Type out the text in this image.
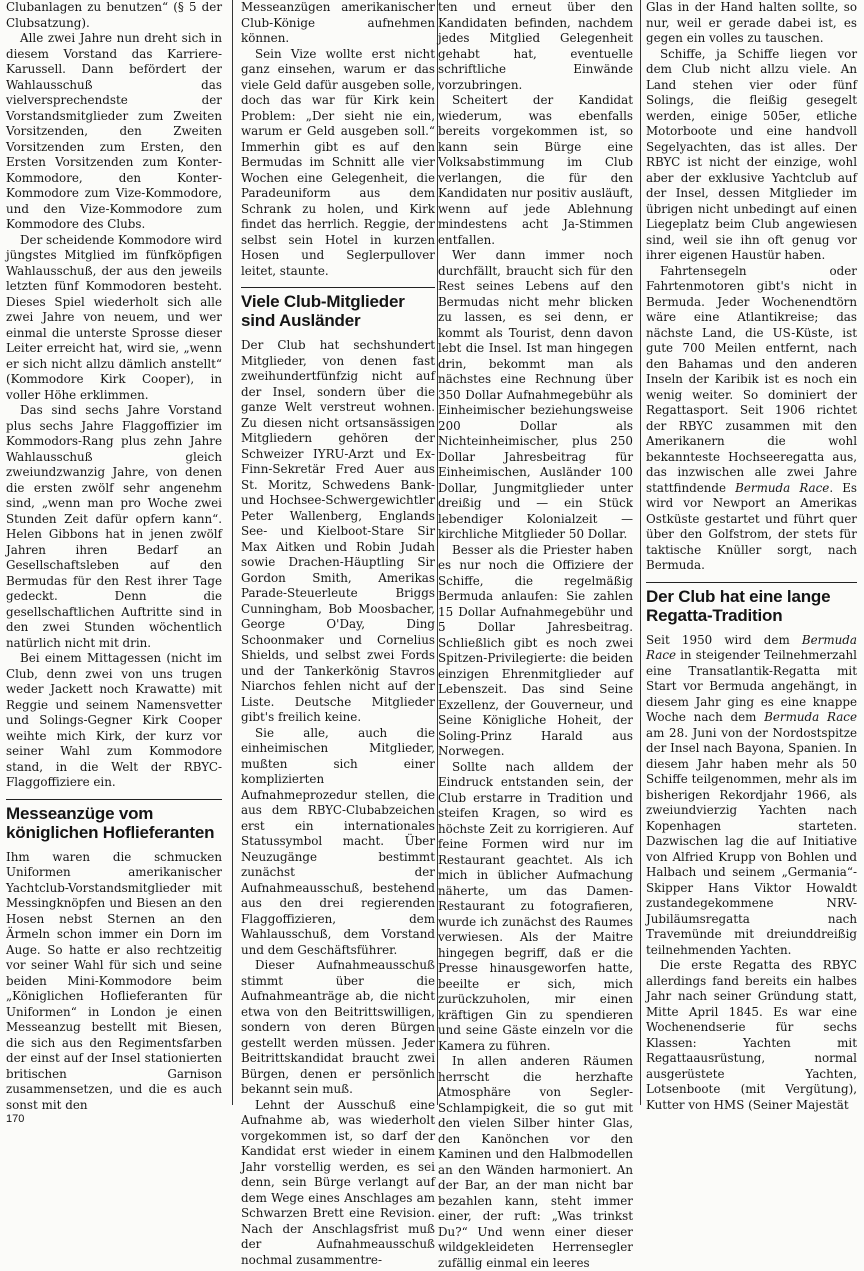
Clubanlagen zu benutzen“ (§ 5 der Clubsatzung).

Alle zwei Jahre nun dreht sich in diesem Vorstand das Karriere-Karussell. Dann befördert der Wahlausschuß das vielversprechendste der Vorstandsmitglieder zum Zweiten Vorsitzenden, den Zweiten Vorsitzenden zum Ersten, den Ersten Vorsitzenden zum Konter-Kommodore, den Konter-Kommodore zum Vize-Kommodore, und den Vize-Kommodore zum Kommodore des Clubs.

Der scheidende Kommodore wird jüngstes Mitglied im fünfköpfigen Wahlausschuß, der aus den jeweils letzten fünf Kommodoren besteht. Dieses Spiel wiederholt sich alle zwei Jahre von neuem, und wer einmal die unterste Sprosse dieser Leiter erreicht hat, wird sie, „wenn er sich nicht allzu dämlich anstellt“ (Kommodore Kirk Cooper), in voller Höhe erklimmen.

Das sind sechs Jahre Vorstand plus sechs Jahre Flaggoffizier im Kommodors-Rang plus zehn Jahre Wahlausschuß gleich zweiundzwanzig Jahre, von denen die ersten zwölf sehr angenehm sind, „wenn man pro Woche zwei Stunden Zeit dafür opfern kann“. Helen Gibbons hat in jenen zwölf Jahren ihren Bedarf an Gesellschaftsleben auf den Bermudas für den Rest ihrer Tage gedeckt. Denn die gesellschaftlichen Auftritte sind in den zwei Stunden wöchentlich natürlich nicht mit drin.

Bei einem Mittagessen (nicht im Club, denn zwei von uns trugen weder Jackett noch Krawatte) mit Reggie und seinem Namensvetter und Solings-Gegner Kirk Cooper weihte mich Kirk, der kurz vor seiner Wahl zum Kommodore stand, in die Welt der RBYC-Flaggoffiziere ein.

Messeanzüge vom königlichen Hoflieferanten

Ihm waren die schmucken Uniformen amerikanischer Yachtclub-Vorstandsmitglieder mit Messingknöpfen und Biesen an den Hosen nebst Sternen an den Ärmeln schon immer ein Dorn im Auge. So hatte er also rechtzeitig vor seiner Wahl für sich und seine beiden Mini-Kommodore beim „Königlichen Hoflieferanten für Uniformen“ in London je einen Messeanzug bestellt mit Biesen, die sich aus den Regimentsfarben der einst auf der Insel stationierten britischen Garnison zusammensetzen, und die es auch sonst mit den

Messeanzügen amerikanischer Club-Könige aufnehmen können.

Sein Vize wollte erst nicht ganz einsehen, warum er das viele Geld dafür ausgeben solle, doch das war für Kirk kein Problem: „Der sieht nie ein, warum er Geld ausgeben soll.“ Immerhin gibt es auf den Bermudas im Schnitt alle vier Wochen eine Gelegenheit, die Paradeuniform aus dem Schrank zu holen, und Kirk findet das herrlich. Reggie, der selbst sein Hotel in kurzen Hosen und Seglerpullover leitet, staunte.

Viele Club-Mitglieder sind Ausländer

Der Club hat sechshundert Mitglieder, von denen fast zweihundertfünfzig nicht auf der Insel, sondern über die ganze Welt verstreut wohnen. Zu diesen nicht ortsansässigen Mitgliedern gehören der Schweizer IYRU-Arzt und Ex-Finn-Sekretär Fred Auer aus St. Moritz, Schwedens Bank- und Hochsee-Schwergewichtler Peter Wallenberg, Englands See- und Kielboot-Stare Sir Max Aitken und Robin Judah sowie Drachen-Häuptling Sir Gordon Smith, Amerikas Parade-Steuerleute Briggs Cunningham, Bob Moosbacher, George O'Day, Ding Schoonmaker und Cornelius Shields, und selbst zwei Fords und der Tankerkönig Stavros Niarchos fehlen nicht auf der Liste. Deutsche Mitglieder gibt's freilich keine.

Sie alle, auch die einheimischen Mitglieder, mußten sich einer komplizierten Aufnahmeprozedur stellen, die aus dem RBYC-Clubabzeichen erst ein internationales Statussymbol macht. Über Neuzugänge bestimmt zunächst der Aufnahmeausschuß, bestehend aus den drei regierenden Flaggoffizieren, dem Wahlausschuß, dem Vorstand und dem Geschäftsführer.

Dieser Aufnahmeausschuß stimmt über die Aufnahmeanträge ab, die nicht etwa von den Beitrittswilligen, sondern von deren Bürgen gestellt werden müssen. Jeder Beitrittskandidat braucht zwei Bürgen, denen er persönlich bekannt sein muß.

Lehnt der Ausschuß eine Aufnahme ab, was wiederholt vorgekommen ist, so darf der Kandidat erst wieder in einem Jahr vorstellig werden, es sei denn, sein Bürge verlangt auf dem Wege eines Anschlages am Schwarzen Brett eine Revision. Nach der Anschlagsfrist muß der Aufnahmeausschuß nochmal zusammentre-

ten und erneut über den Kandidaten befinden, nachdem jedes Mitglied Gelegenheit gehabt hat, eventuelle schriftliche Einwände vorzubringen.

Scheitert der Kandidat wiederum, was ebenfalls bereits vorgekommen ist, so kann sein Bürge eine Volksabstimmung im Club verlangen, die für den Kandidaten nur positiv ausläuft, wenn auf jede Ablehnung mindestens acht Ja-Stimmen entfallen.

Wer dann immer noch durchfällt, braucht sich für den Rest seines Lebens auf den Bermudas nicht mehr blicken zu lassen, es sei denn, er kommt als Tourist, denn davon lebt die Insel. Ist man hingegen drin, bekommt man als nächstes eine Rechnung über 350 Dollar Aufnahmegebühr als Einheimischer beziehungsweise 200 Dollar als Nichteinheimischer, plus 250 Dollar Jahresbeitrag für Einheimischen, Ausländer 100 Dollar, Jungmitglieder unter dreißig und — ein Stück lebendiger Kolonialzeit — kirchliche Mitglieder 50 Dollar.

Besser als die Priester haben es nur noch die Offiziere der Schiffe, die regelmäßig Bermuda anlaufen: Sie zahlen 15 Dollar Aufnahmegebühr und 5 Dollar Jahresbeitrag. Schließlich gibt es noch zwei Spitzen-Privilegierte: die beiden einzigen Ehrenmitglieder auf Lebenszeit. Das sind Seine Exzellenz, der Gouverneur, und Seine Königliche Hoheit, der Soling-Prinz Harald aus Norwegen.

Sollte nach alldem der Eindruck entstanden sein, der Club erstarre in Tradition und steifen Kragen, so wird es höchste Zeit zu korrigieren. Auf feine Formen wird nur im Restaurant geachtet. Als ich mich in üblicher Aufmachung näherte, um das Damen-Restaurant zu fotografieren, wurde ich zunächst des Raumes verwiesen. Als der Maitre hingegen begriff, daß er die Presse hinausgeworfen hatte, beeilte er sich, mich zurückzuholen, mir einen kräftigen Gin zu spendieren und seine Gäste einzeln vor die Kamera zu führen.

In allen anderen Räumen herrscht die herzhafte Atmosphäre von Segler-Schlampigkeit, die so gut mit den vielen Silber hinter Glas, den Kanönchen vor den Kaminen und den Halbmodellen an den Wänden harmoniert. An der Bar, an der man nicht bar bezahlen kann, steht immer einer, der ruft: „Was trinkst Du?“ Und wenn einer dieser wildgekleideten Herrensegler zufällig einmal ein leeres

Glas in der Hand halten sollte, so nur, weil er gerade dabei ist, es gegen ein volles zu tauschen.

Schiffe, ja Schiffe liegen vor dem Club nicht allzu viele. An Land stehen vier oder fünf Solings, die fleißig gesegelt werden, einige 505er, etliche Motorboote und eine handvoll Segelyachten, das ist alles. Der RBYC ist nicht der einzige, wohl aber der exklusive Yachtclub auf der Insel, dessen Mitglieder im übrigen nicht unbedingt auf einen Liegeplatz beim Club angewiesen sind, weil sie ihn oft genug vor ihrer eigenen Haustür haben.

Fahrtensegeln oder Fahrtenmotoren gibt's nicht in Bermuda. Jeder Wochenendtörn wäre eine Atlantikreise; das nächste Land, die US-Küste, ist gute 700 Meilen entfernt, nach den Bahamas und den anderen Inseln der Karibik ist es noch ein wenig weiter. So dominiert der Regattasport. Seit 1906 richtet der RBYC zusammen mit den Amerikanern die wohl bekannteste Hochseeregatta aus, das inzwischen alle zwei Jahre stattfindende Bermuda Race. Es wird vor Newport an Amerikas Ostküste gestartet und führt quer über den Golfstrom, der stets für taktische Knüller sorgt, nach Bermuda.

Der Club hat eine lange Regatta-Tradition

Seit 1950 wird dem Bermuda Race in steigender Teilnehmerzahl eine Transatlantik-Regatta mit Start vor Bermuda angehängt, in diesem Jahr ging es eine knappe Woche nach dem Bermuda Race am 28. Juni von der Nordostspitze der Insel nach Bayona, Spanien. In diesem Jahr haben mehr als 50 Schiffe teilgenommen, mehr als im bisherigen Rekordjahr 1966, als zweiundvierzig Yachten nach Kopenhagen starteten. Dazwischen lag die auf Initiative von Alfried Krupp von Bohlen und Halbach und seinem „Germania“-Skipper Hans Viktor Howaldt zustandegekommene NRV-Jubiläumsregatta nach Travemünde mit dreiunddreißig teilnehmenden Yachten.

Die erste Regatta des RBYC allerdings fand bereits ein halbes Jahr nach seiner Gründung statt, Mitte April 1845. Es war eine Wochenendserie für sechs Klassen: Yachten mit Regattaausrüstung, normal ausgerüstete Yachten, Lotsenboote (mit Vergütung), Kutter von HMS (Seiner Majestät

170
